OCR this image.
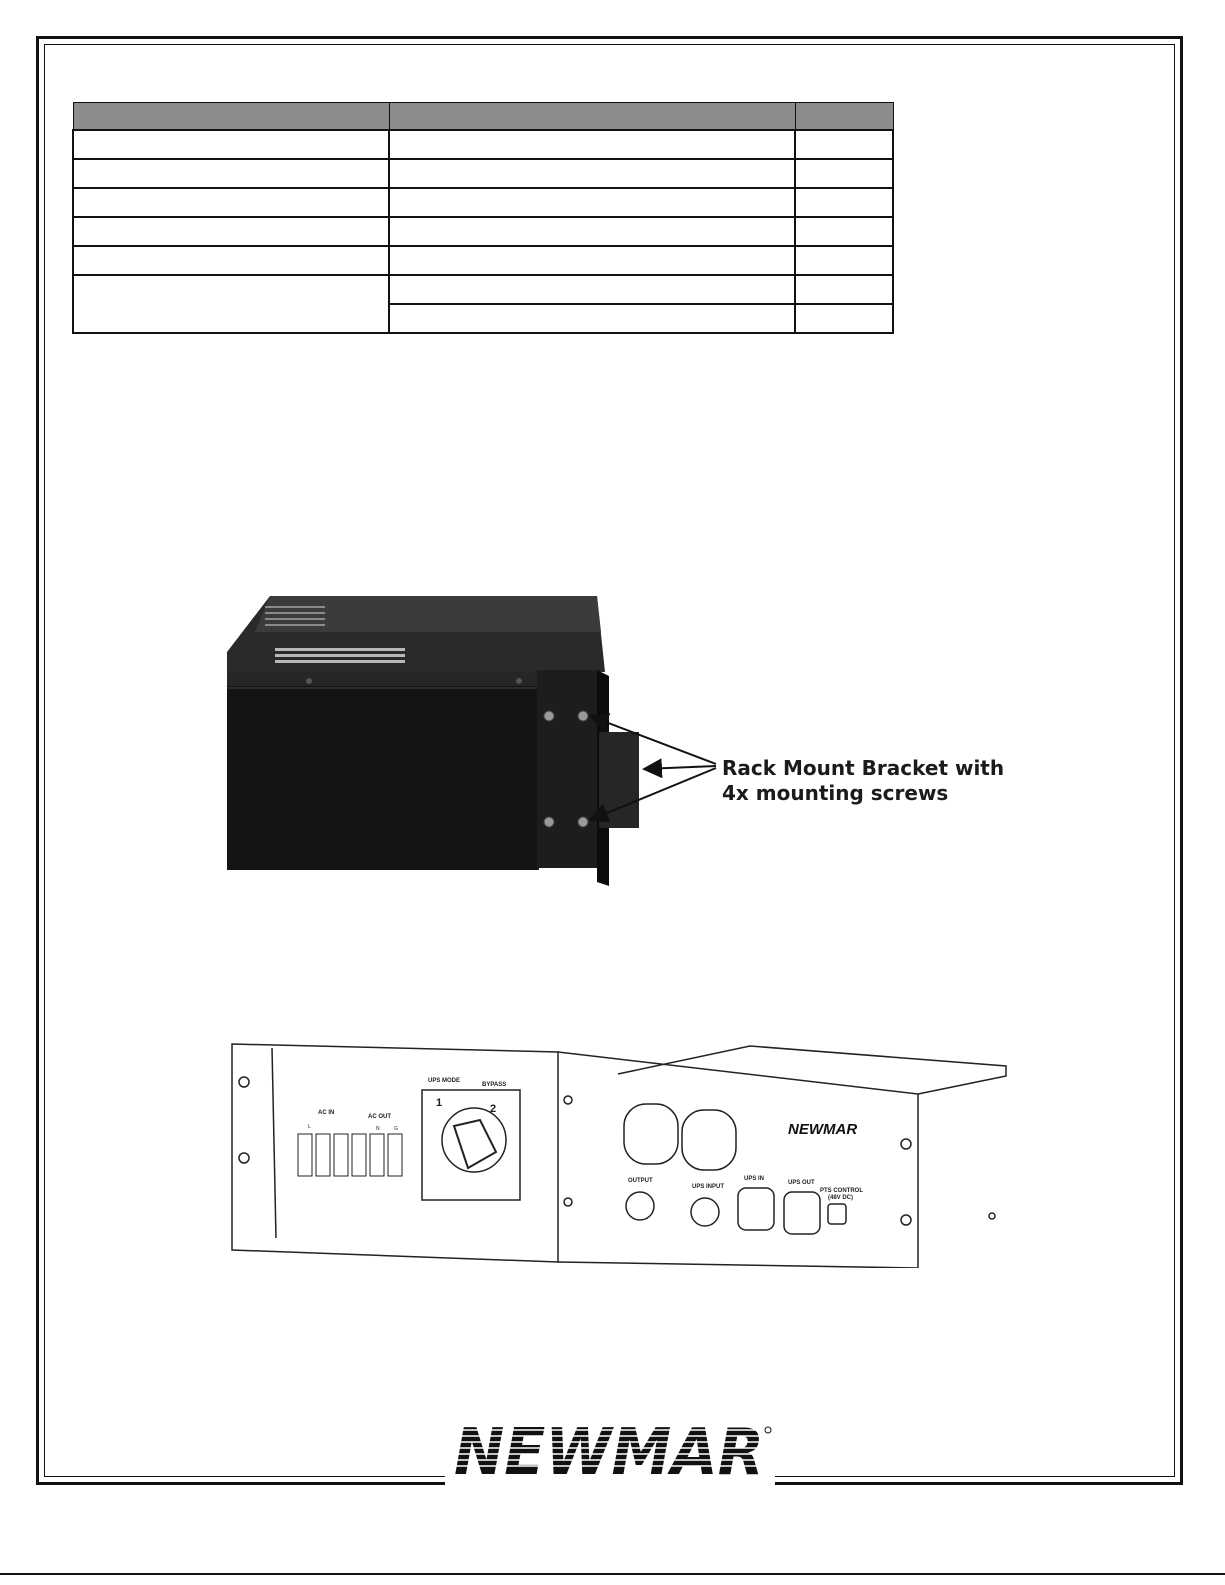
Rack Mount Bracket with
4x mounting screws
UPS MODE
BYPASS
AC IN
AC OUT
OUTPUT
UPS INPUT
UPS IN
UPS OUT
PTS CONTROL
(48V DC)
L	N	G
1	2
NEWMAR
NEWMAR
